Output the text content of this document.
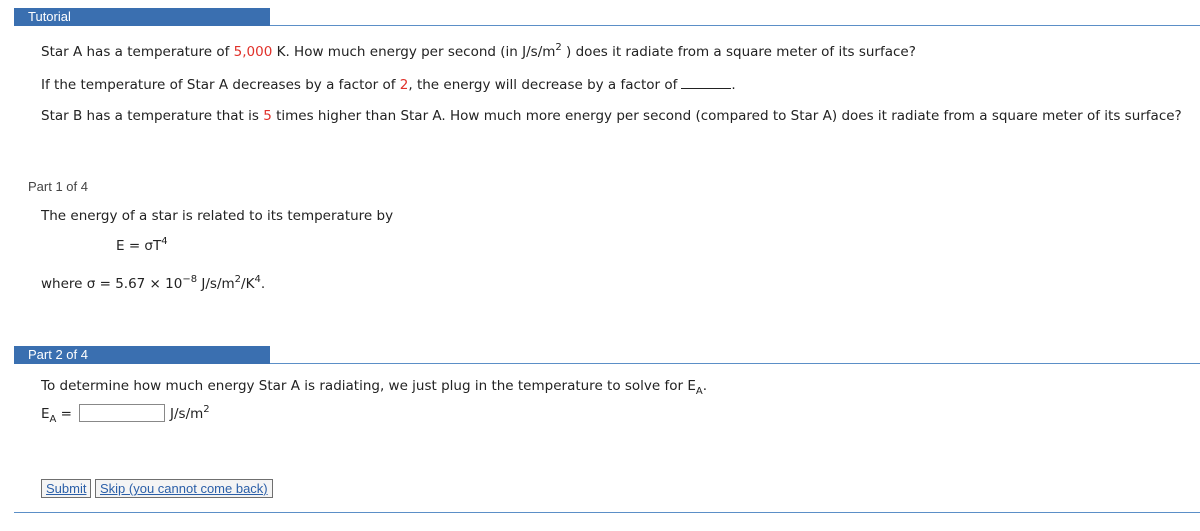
Tutorial
Star A has a temperature of 5,000 K. How much energy per second (in $J/s/m^2$ ) does it radiate from a square meter of its surface?
If the temperature of Star A decreases by a factor of 2, the energy will decrease by a factor of	.
Star B has a temperature that is 5 times higher than Star A. How much more energy per second (compared to Star A) does it radiate from a square meter of its surface?
Part 1 of 4
The energy of a star is related to its temperature by
$E = \sigma T^4$
where $\sigma = 5.67 \times 10^{-8}$ $J/s/m^2/K^4$.
Part 2 of 4
To determine how much energy Star A is radiating, we just plug in the temperature to solve for $E_A$.
$E_A$ =	$J/s/m^2$
Submit	Skip (you cannot come back)
